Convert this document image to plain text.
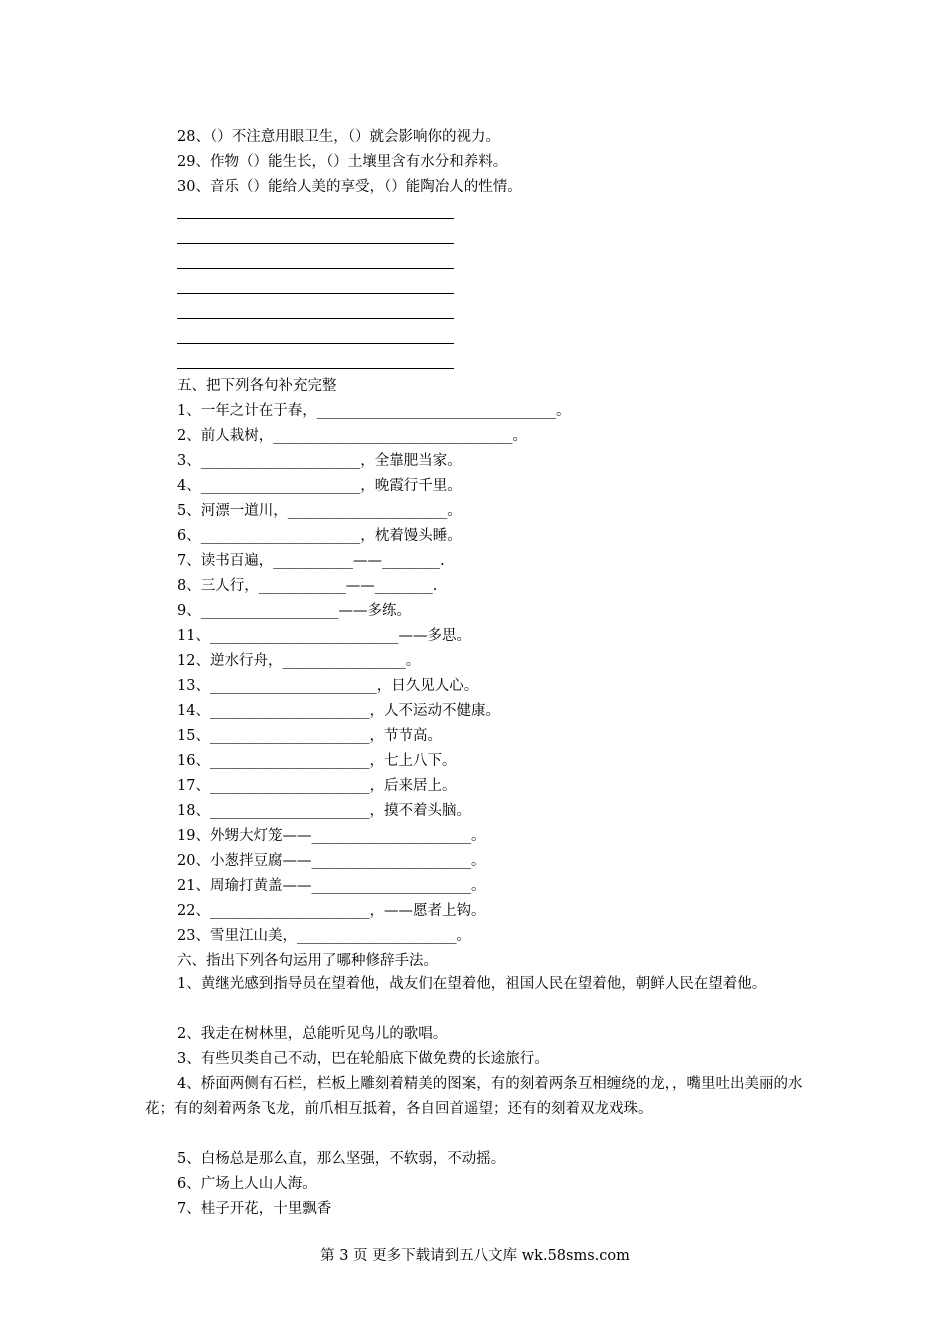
28、（）不注意用眼卫生，（）就会影响你的视力。
29、作物（）能生长，（）土壤里含有水分和养料。
30、音乐（）能给人美的享受，（）能陶冶人的性情。
五、把下列各句补充完整
1、一年之计在于春，_________________________________。
2、前人栽树，_________________________________。
3、______________________，全靠肥当家。
4、______________________，晚霞行千里。
5、河漂一道川，______________________。
6、______________________，枕着馒头睡。
7、读书百遍，___________——________.
8、三人行，____________——________.
9、___________________——多练。
11、__________________________——多思。
12、逆水行舟，_________________。
13、_______________________，日久见人心。
14、______________________，人不运动不健康。
15、______________________，节节高。
16、______________________，七上八下。
17、______________________，后来居上。
18、______________________，摸不着头脑。
19、外甥大灯笼——______________________。
20、小葱拌豆腐——______________________。
21、周瑜打黄盖——______________________。
22、______________________，——愿者上钩。
23、雪里江山美，______________________。
六、指出下列各句运用了哪种修辞手法。
1、黄继光感到指导员在望着他，战友们在望着他，祖国人民在望着他，朝鲜人民在望着他。
2、我走在树林里，总能听见鸟儿的歌唱。
3、有些贝类自己不动，巴在轮船底下做免费的长途旅行。
4、桥面两侧有石栏，栏板上雕刻着精美的图案，有的刻着两条互相缠绕的龙，，嘴里吐出美丽的水花；有的刻着两条飞龙，前爪相互抵着，各自回首遥望；还有的刻着双龙戏珠。
5、白杨总是那么直，那么坚强，不软弱，不动摇。
6、广场上人山人海。
7、桂子开花，十里飘香
第 3 页 更多下载请到五八文库 wk.58sms.com
